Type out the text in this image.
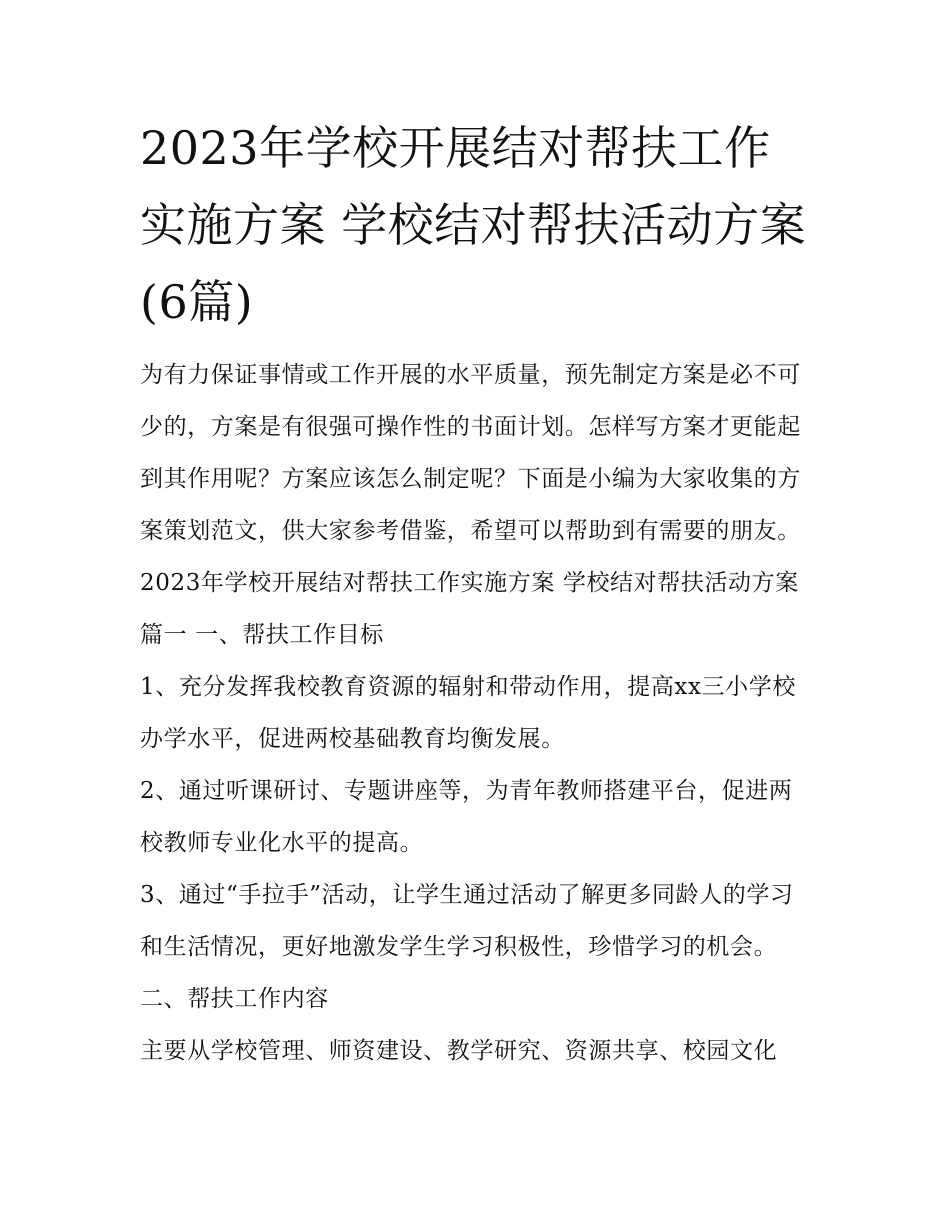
2023年学校开展结对帮扶工作实施方案 学校结对帮扶活动方案(6篇)

为有力保证事情或工作开展的水平质量，预先制定方案是必不可少的，方案是有很强可操作性的书面计划。怎样写方案才更能起到其作用呢？方案应该怎么制定呢？下面是小编为大家收集的方案策划范文，供大家参考借鉴，希望可以帮助到有需要的朋友。

2023年学校开展结对帮扶工作实施方案 学校结对帮扶活动方案篇一 一、帮扶工作目标

1、充分发挥我校教育资源的辐射和带动作用，提高xx三小学校办学水平，促进两校基础教育均衡发展。

2、通过听课研讨、专题讲座等，为青年教师搭建平台，促进两校教师专业化水平的提高。

3、通过“手拉手”活动，让学生通过活动了解更多同龄人的学习和生活情况，更好地激发学生学习积极性，珍惜学习的机会。 二、帮扶工作内容

主要从学校管理、师资建设、教学研究、资源共享、校园文化
